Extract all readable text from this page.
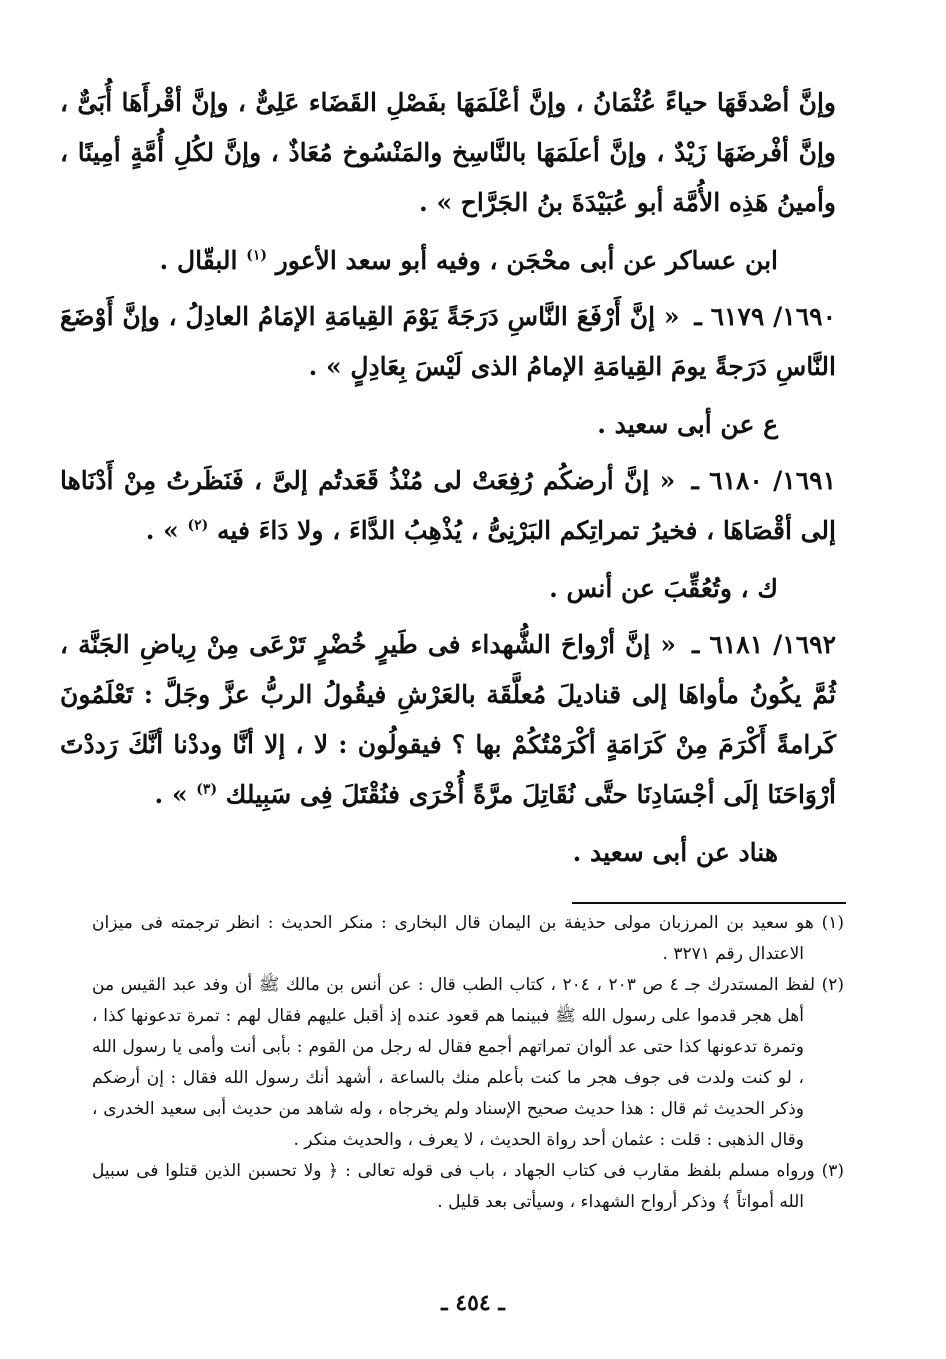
وإنَّ أصْدقَهَا حياءً عُثْمَانُ ، وإنَّ أعْلَمَهَا بفَصْلِ القَضَاء عَلِىٌّ ، وإنَّ أقْرأَهَا أُبَىٌّ ، وإنَّ أفْرضَهَا زَيْدٌ ، وإنَّ أعلَمَهَا بالنَّاسِخ والمَنْسُوخ مُعَاذٌ ، وإنَّ لكُلِ أُمَّةٍ أمِينًا ، وأمينُ هَذِه الأُمَّة أبو عُبَيْدَةَ بنُ الجَرَّاح » .

ابن عساكر عن أبى محْجَن ، وفيه أبو سعد الأعور $^{(١)}$ البقّال .

١٦٩٠/ ٦١٧٩ ـ « إنَّ أَرْفَعَ النَّاسِ دَرَجَةً يَوْمَ القِيامَةِ الإمَامُ العادِلُ ، وإنَّ أَوْضَعَ النَّاسِ دَرَجةً يومَ القِيامَةِ الإمامُ الذى لَيْسَ بِعَادِلٍ » .

ع عن أبى سعيد .

١٦٩١/ ٦١٨٠ ـ « إنَّ أرضكُم رُفِعَتْ لى مُنْذُ قَعَدتُم إلىَّ ، فَنَظَرتُ مِنْ أَدْنَاها إلى أقْصَاهَا ، فخيرُ تمراتِكم البَرْنِىُّ ، يُذْهِبُ الدَّاءَ ، ولا دَاءَ فيه $^{(٢)}$ » .

ك ، وتُعُقِّبَ عن أنس .

١٦٩٢/ ٦١٨١ ـ « إنَّ أرْواحَ الشُّهداء فى طَيرٍ خُضْرٍ تَرْعَى مِنْ رِياضِ الجَنَّة ، ثُمَّ يكُونُ مأواهَا إلى قناديلَ مُعلَّقَة بالعَرْشِ فيقُولُ الربُّ عزَّ وجَلَّ : تَعْلَمُونَ كَرامةً أَكْرَمَ مِنْ كَرَامَةٍ أكْرَمْتُكُمْ بها ؟ فيقولُون : لا ، إلا أنَّا وددْنا أنَّكَ رَددْتَ أرْوَاحَنَا إلَى أجْسَادِنَا حتَّى نُقَاتِلَ مرَّةً أُخْرَى فنُقْتَلَ فِى سَبِيلك $^{(٣)}$ » .

هناد عن أبى سعيد .

(١) هو سعيد بن المرزبان مولى حذيفة بن اليمان قال البخارى : منكر الحديث : انظر ترجمته فى ميزان الاعتدال رقم ٣٢٧١ .

(٢) لفظ المستدرك جـ ٤ ص ٢٠٣ ، ٢٠٤ ، كتاب الطب قال : عن أنس بن مالك ﷺ أن وفد عبد القيس من أهل هجر قدموا على رسول الله ﷺ فبينما هم قعود عنده إذ أقبل عليهم فقال لهم : تمرة تدعونها كذا ، وتمرة تدعونها كذا حتى عد ألوان تمراتهم أجمع فقال له رجل من القوم : بأبى أنت وأمى يا رسول الله ، لو كنت ولدت فى جوف هجر ما كنت بأعلم منك بالساعة ، أشهد أنك رسول الله فقال : إن أرضكم وذكر الحديث ثم قال : هذا حديث صحيح الإسناد ولم يخرجاه ، وله شاهد من حديث أبى سعيد الخدرى ، وقال الذهبى : قلت : عثمان أحد رواة الحديث ، لا يعرف ، والحديث منكر .

(٣) ورواه مسلم بلفظ مقارب فى كتاب الجهاد ، باب فى قوله تعالى : ﴿ ولا تحسبن الذين قتلوا فى سبيل الله أمواتاً ﴾ وذكر أرواح الشهداء ، وسيأتى بعد قليل .

ـ ٤٥٤ ـ
